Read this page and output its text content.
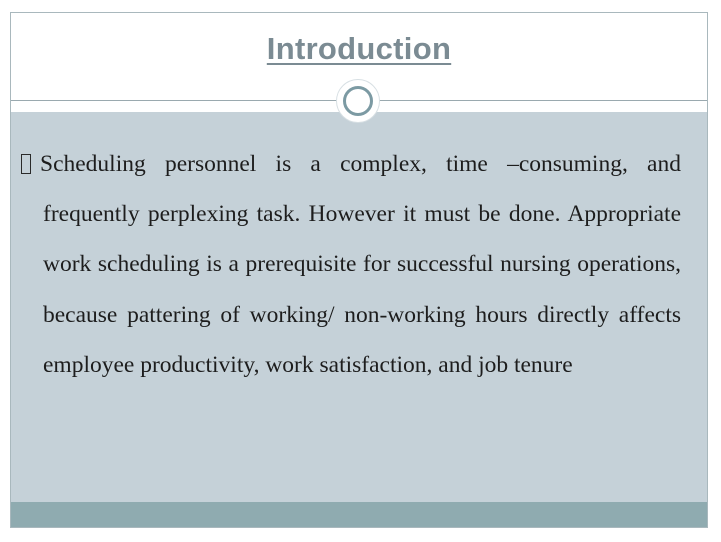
Introduction
Scheduling personnel is a complex, time –consuming, and frequently perplexing task. However it must be done. Appropriate work scheduling is a prerequisite for successful nursing operations, because pattering of working/ non-working hours directly affects employee productivity, work satisfaction, and job tenure
